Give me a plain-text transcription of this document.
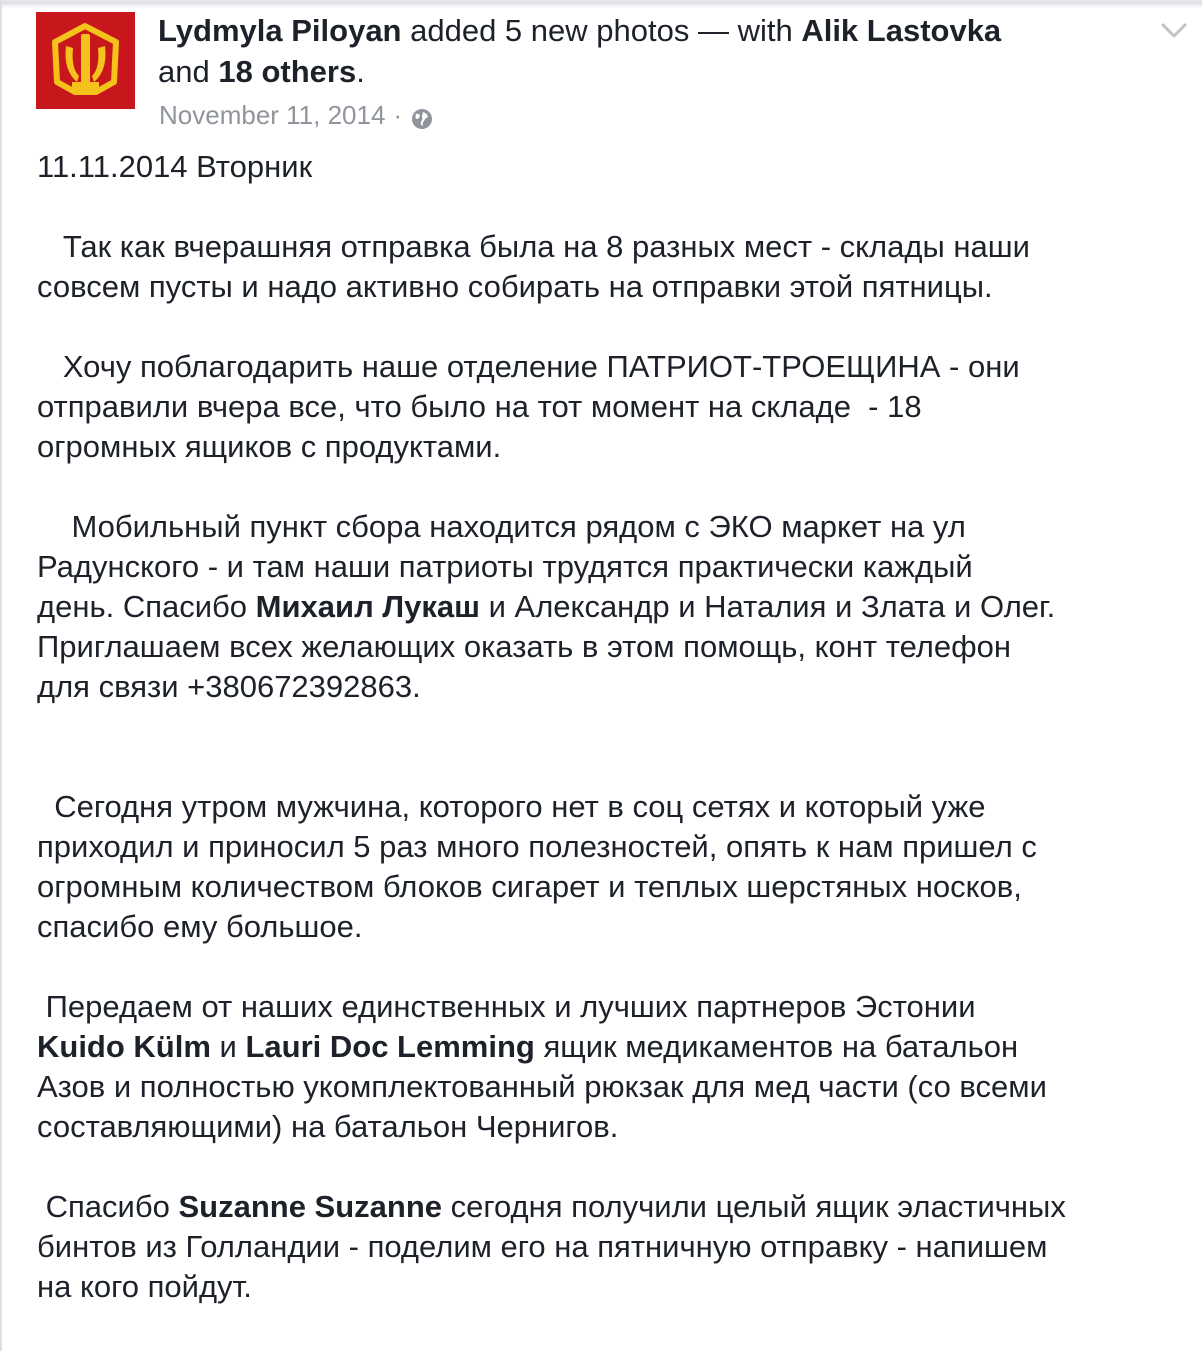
Lydmyla Piloyan added 5 new photos — with Alik Lastovka
and 18 others.
November 11, 2014 ·

11.11.2014 Вторник

Так как вчерашняя отправка была на 8 разных мест - склады наши

совсем пусты и надо активно собирать на отправки этой пятницы.

Хочу поблагодарить наше отделение ПАТРИОТ-ТРОЕЩИНА - они

отправили вчера все, что было на тот момент на складе  - 18

огромных ящиков с продуктами.

Мобильный пункт сбора находится рядом с ЭКО маркет на ул

Радунского - и там наши патриоты трудятся практически каждый

день. Спасибо Михаил Лукаш и Александр и Наталия и Злата и Олег.

Приглашаем всех желающих оказать в этом помощь, конт телефон

для связи +380672392863.

Сегодня утром мужчина, которого нет в соц сетях и который уже

приходил и приносил 5 раз много полезностей, опять к нам пришел с

огромным количеством блоков сигарет и теплых шерстяных носков,

спасибо ему большое.

Передаем от наших единственных и лучших партнеров Эстонии

Kuido Külm и Lauri Doc Lemming ящик медикаментов на батальон

Азов и полностью укомплектованный рюкзак для мед части (со всеми

составляющими) на батальон Чернигов.

Спасибо Suzanne Suzanne сегодня получили целый ящик эластичных

бинтов из Голландии - поделим его на пятничную отправку - напишем

на кого пойдут.
